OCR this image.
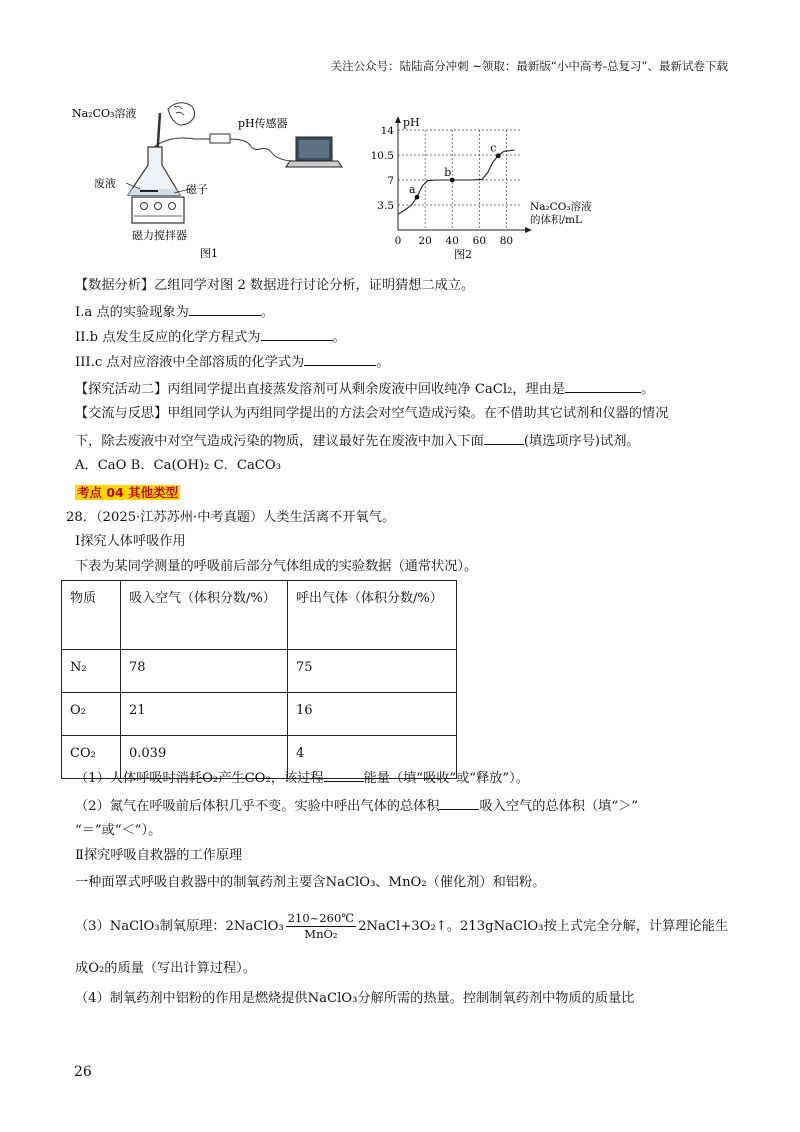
关注公众号：陆陆高分冲刺 ~领取：最新版“小中高考-总复习”、最新试卷下载
Na₂CO₃溶液
pH传感器
废液	磁子
磁力搅拌器
图1
3.5
7
10.5
14
0 20 40 60 80
a
b
c
pH
Na₂CO₃溶液
的体积/mL
图2
【数据分析】乙组同学对图 2 数据进行讨论分析，证明猜想二成立。
I.a 点的实验现象为	。
II.b 点发生反应的化学方程式为	。
III.c 点对应溶液中全部溶质的化学式为	。
【探究活动二】丙组同学提出直接蒸发溶剂可从剩余废液中回收纯净 CaCl₂，理由是	。
【交流与反思】甲组同学认为丙组同学提出的方法会对空气造成污染。在不借助其它试剂和仪器的情况
下，除去废液中对空气造成污染的物质，建议最好先在废液中加入下面	(填选项序号)试剂。
A．CaO B．Ca(OH)₂ C．CaCO₃
考点 04 其他类型
28．（2025·江苏苏州·中考真题）人类生活离不开氧气。
Ⅰ探究人体呼吸作用
下表为某同学测量的呼吸前后部分气体组成的实验数据（通常状况）。
物质	吸入空气（体积分数/%）	呼出气体（体积分数/%）
N₂	78	75
O₂	21	16
CO₂	0.039	4
（1）人体呼吸时消耗O₂产生CO₂，该过程	能量（填“吸收”或“释放”）。
（2）氮气在呼吸前后体积几乎不变。实验中呼出气体的总体积	吸入空气的总体积（填“＞”
“＝”或“＜”）。
Ⅱ探究呼吸自救器的工作原理
一种面罩式呼吸自救器中的制氧药剂主要含NaClO₃、MnO₂（催化剂）和铝粉。
（3）NaClO₃制氧原理：2NaClO₃ $\frac{210\sim 260℃}{\text{MnO₂}}$ 2NaCl+3O₂↑。213gNaClO₃按上式完全分解，计算理论能生
成O₂的质量（写出计算过程）。
（4）制氧药剂中铝粉的作用是燃烧提供NaClO₃分解所需的热量。控制制氧药剂中物质的质量比
26
